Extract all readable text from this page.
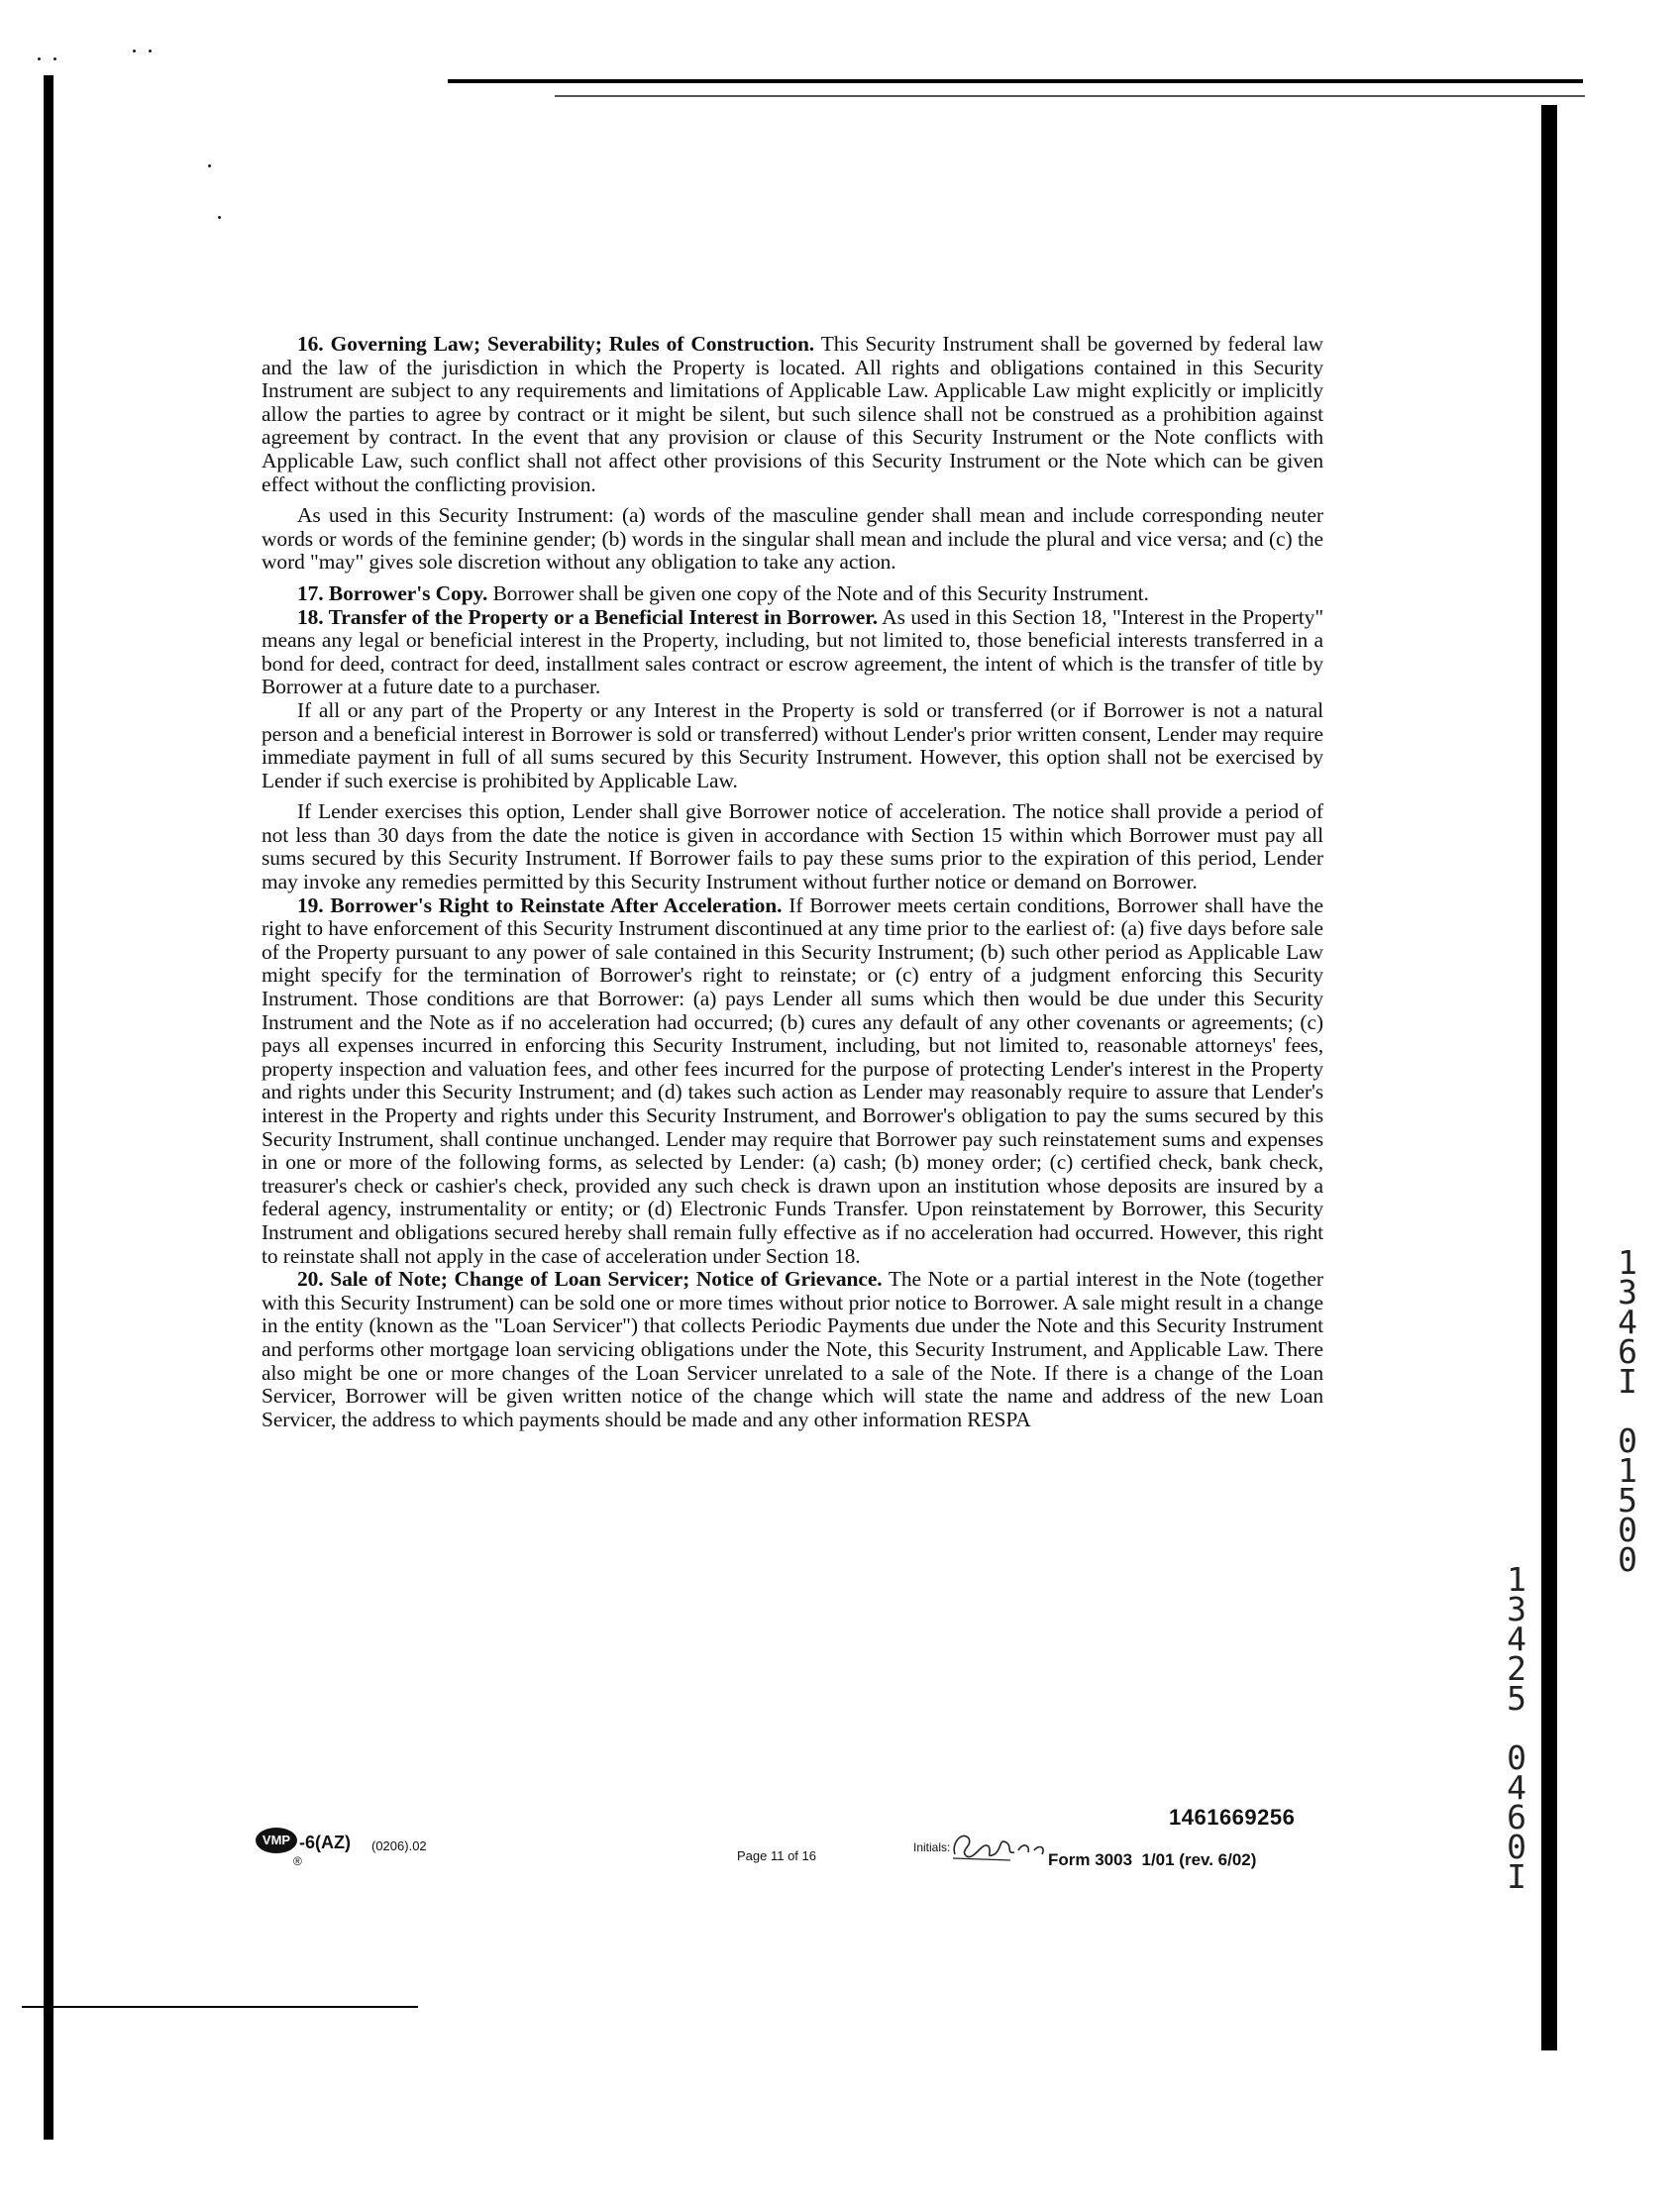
16. Governing Law; Severability; Rules of Construction. This Security Instrument shall be governed by federal law and the law of the jurisdiction in which the Property is located. All rights and obligations contained in this Security Instrument are subject to any requirements and limitations of Applicable Law. Applicable Law might explicitly or implicitly allow the parties to agree by contract or it might be silent, but such silence shall not be construed as a prohibition against agreement by contract. In the event that any provision or clause of this Security Instrument or the Note conflicts with Applicable Law, such conflict shall not affect other provisions of this Security Instrument or the Note which can be given effect without the conflicting provision.

As used in this Security Instrument: (a) words of the masculine gender shall mean and include corresponding neuter words or words of the feminine gender; (b) words in the singular shall mean and include the plural and vice versa; and (c) the word "may" gives sole discretion without any obligation to take any action.

17. Borrower's Copy. Borrower shall be given one copy of the Note and of this Security Instrument.

18. Transfer of the Property or a Beneficial Interest in Borrower. As used in this Section 18, "Interest in the Property" means any legal or beneficial interest in the Property, including, but not limited to, those beneficial interests transferred in a bond for deed, contract for deed, installment sales contract or escrow agreement, the intent of which is the transfer of title by Borrower at a future date to a purchaser.

If all or any part of the Property or any Interest in the Property is sold or transferred (or if Borrower is not a natural person and a beneficial interest in Borrower is sold or transferred) without Lender's prior written consent, Lender may require immediate payment in full of all sums secured by this Security Instrument. However, this option shall not be exercised by Lender if such exercise is prohibited by Applicable Law.

If Lender exercises this option, Lender shall give Borrower notice of acceleration. The notice shall provide a period of not less than 30 days from the date the notice is given in accordance with Section 15 within which Borrower must pay all sums secured by this Security Instrument. If Borrower fails to pay these sums prior to the expiration of this period, Lender may invoke any remedies permitted by this Security Instrument without further notice or demand on Borrower.

19. Borrower's Right to Reinstate After Acceleration. If Borrower meets certain conditions, Borrower shall have the right to have enforcement of this Security Instrument discontinued at any time prior to the earliest of: (a) five days before sale of the Property pursuant to any power of sale contained in this Security Instrument; (b) such other period as Applicable Law might specify for the termination of Borrower's right to reinstate; or (c) entry of a judgment enforcing this Security Instrument. Those conditions are that Borrower: (a) pays Lender all sums which then would be due under this Security Instrument and the Note as if no acceleration had occurred; (b) cures any default of any other covenants or agreements; (c) pays all expenses incurred in enforcing this Security Instrument, including, but not limited to, reasonable attorneys' fees, property inspection and valuation fees, and other fees incurred for the purpose of protecting Lender's interest in the Property and rights under this Security Instrument; and (d) takes such action as Lender may reasonably require to assure that Lender's interest in the Property and rights under this Security Instrument, and Borrower's obligation to pay the sums secured by this Security Instrument, shall continue unchanged. Lender may require that Borrower pay such reinstatement sums and expenses in one or more of the following forms, as selected by Lender: (a) cash; (b) money order; (c) certified check, bank check, treasurer's check or cashier's check, provided any such check is drawn upon an institution whose deposits are insured by a federal agency, instrumentality or entity; or (d) Electronic Funds Transfer. Upon reinstatement by Borrower, this Security Instrument and obligations secured hereby shall remain fully effective as if no acceleration had occurred. However, this right to reinstate shall not apply in the case of acceleration under Section 18.

20. Sale of Note; Change of Loan Servicer; Notice of Grievance. The Note or a partial interest in the Note (together with this Security Instrument) can be sold one or more times without prior notice to Borrower. A sale might result in a change in the entity (known as the "Loan Servicer") that collects Periodic Payments due under the Note and this Security Instrument and performs other mortgage loan servicing obligations under the Note, this Security Instrument, and Applicable Law. There also might be one or more changes of the Loan Servicer unrelated to a sale of the Note. If there is a change of the Loan Servicer, Borrower will be given written notice of the change which will state the name and address of the new Loan Servicer, the address to which payments should be made and any other information RESPA

1
3
4
6
I

0
1
5
0
0
1
3
4
2
5

0
4
6
0
I
VMP
®
-6(AZ) (0206).02
Page 11 of 16
1461669256
Initials:
Form 3003  1/01 (rev. 6/02)
